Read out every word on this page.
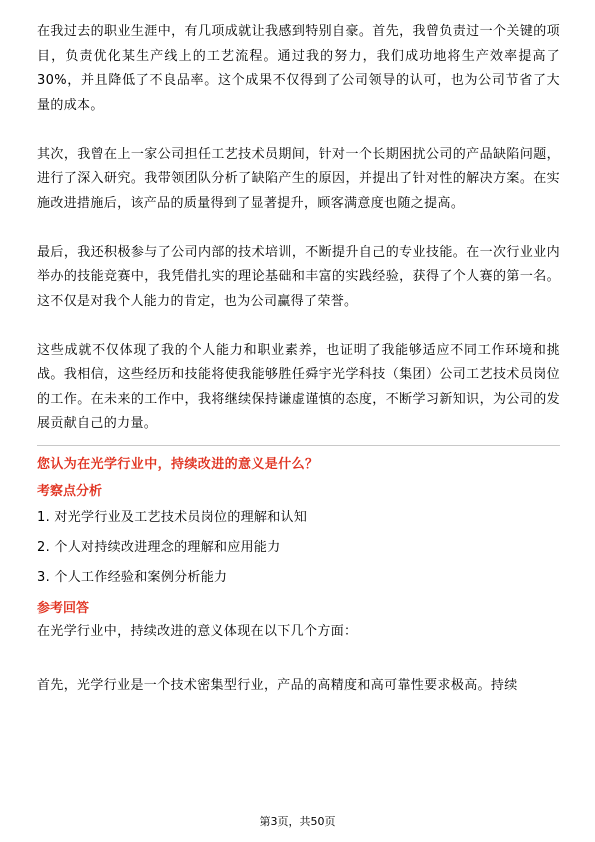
在我过去的职业生涯中，有几项成就让我感到特别自豪。首先，我曾负责过一个关键的项目，负责优化某生产线上的工艺流程。通过我的努力，我们成功地将生产效率提高了30%，并且降低了不良品率。这个成果不仅得到了公司领导的认可，也为公司节省了大量的成本。

其次，我曾在上一家公司担任工艺技术员期间，针对一个长期困扰公司的产品缺陷问题，进行了深入研究。我带领团队分析了缺陷产生的原因，并提出了针对性的解决方案。在实施改进措施后，该产品的质量得到了显著提升，顾客满意度也随之提高。

最后，我还积极参与了公司内部的技术培训，不断提升自己的专业技能。在一次行业业内举办的技能竞赛中，我凭借扎实的理论基础和丰富的实践经验，获得了个人赛的第一名。这不仅是对我个人能力的肯定，也为公司赢得了荣誉。

这些成就不仅体现了我的个人能力和职业素养，也证明了我能够适应不同工作环境和挑战。我相信，这些经历和技能将使我能够胜任舜宇光学科技（集团）公司工艺技术员岗位的工作。在未来的工作中，我将继续保持谦虚谨慎的态度，不断学习新知识，为公司的发展贡献自己的力量。

您认为在光学行业中，持续改进的意义是什么？

考察点分析

1. 对光学行业及工艺技术员岗位的理解和认知

2. 个人对持续改进理念的理解和应用能力

3. 个人工作经验和案例分析能力

参考回答

在光学行业中，持续改进的意义体现在以下几个方面：

首先，光学行业是一个技术密集型行业，产品的高精度和高可靠性要求极高。持续

第3页，共50页
